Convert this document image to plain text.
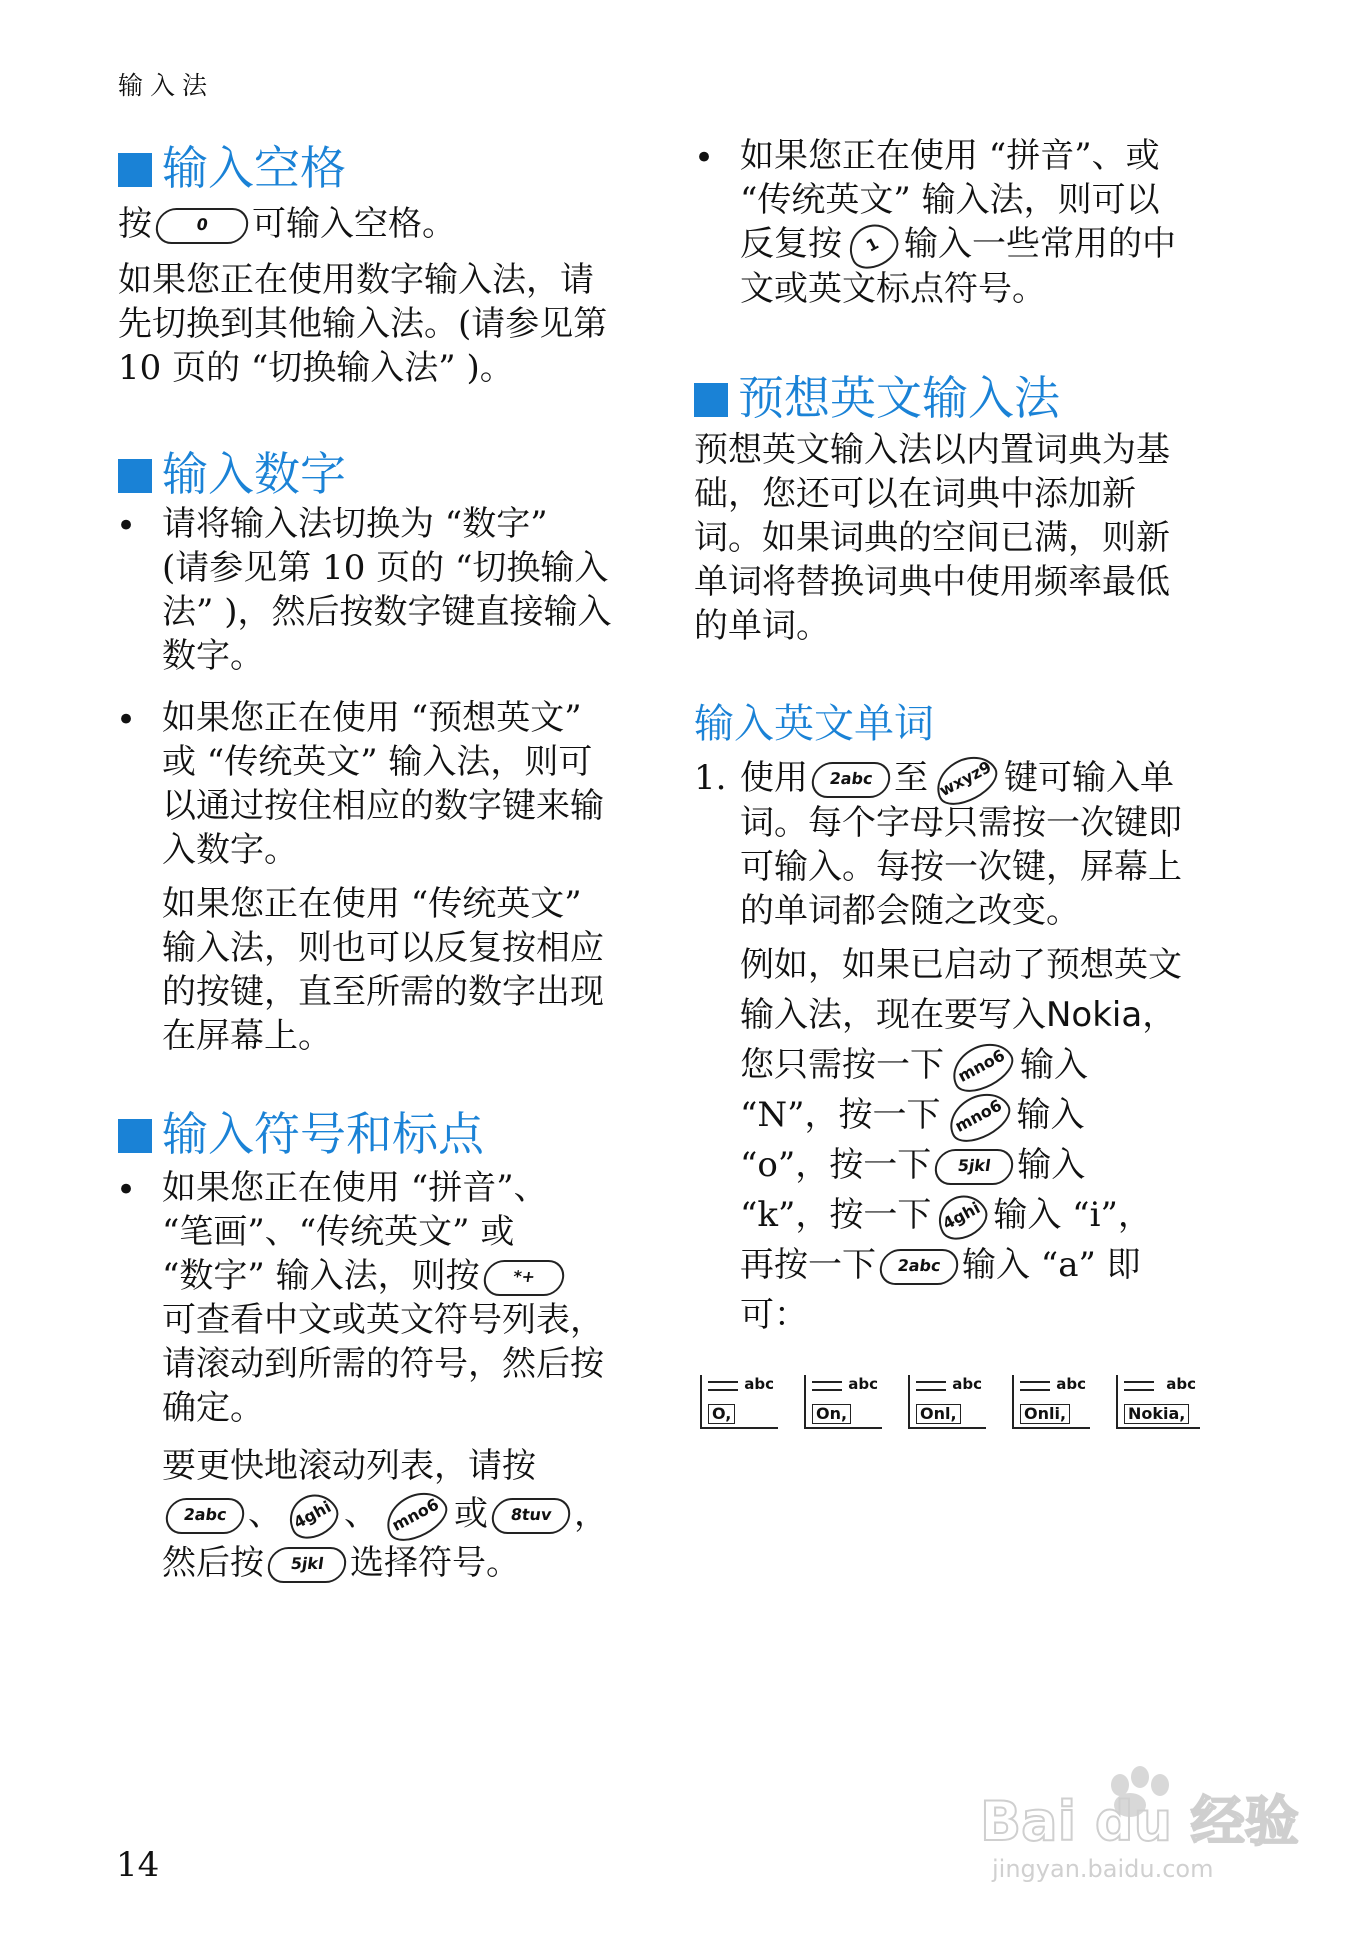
输入法
输入空格
按	0 可输入空格。
如果您正在使用数字输入法，请
先切换到其他输入法。(请参见第
10 页的 “切换输入法” )。
输入数字
• 请将输入法切换为 “数字”
(请参见第 10 页的 “切换输入
法” )，然后按数字键直接输入
数字。
• 如果您正在使用 “预想英文”
或 “传统英文” 输入法，则可
以通过按住相应的数字键来输
入数字。
如果您正在使用 “传统英文”
输入法，则也可以反复按相应
的按键，直至所需的数字出现
在屏幕上。
输入符号和标点
• 如果您正在使用 “拼音”、
“笔画”、“传统英文” 或
“数字” 输入法，则按 *+
可查看中文或英文符号列表，
请滚动到所需的符号，然后按
确定。
要更快地滚动列表，请按
2abc 、 4ghi 、 mno6 或 8tuv ，
然后按 5jkl 选择符号。
• 如果您正在使用 “拼音”、或
“传统英文” 输入法，则可以
反复按 1 输入一些常用的中
文或英文标点符号。
预想英文输入法
预想英文输入法以内置词典为基
础，您还可以在词典中添加新
词。如果词典的空间已满，则新
单词将替换词典中使用频率最低
的单词。
输入英文单词
1. 使用 2abc 至 wxyz9 键可输入单
词。每个字母只需按一次键即
可输入。每按一次键，屏幕上
的单词都会随之改变。
例如，如果已启动了预想英文
输入法，现在要写入Nokia，
您只需按一下 mno6 输入
“N”，按一下 mno6 输入
“o”，按一下 5jkl 输入
“k”，按一下 4ghi 输入 “i”，
再按一下 2abc 输入 “a” 即
可：
abc
O,
abc
On,
abc
Onl,
abc
Onli,
abc
Nokia,
14
Bai du 经验
jingyan.baidu.com
